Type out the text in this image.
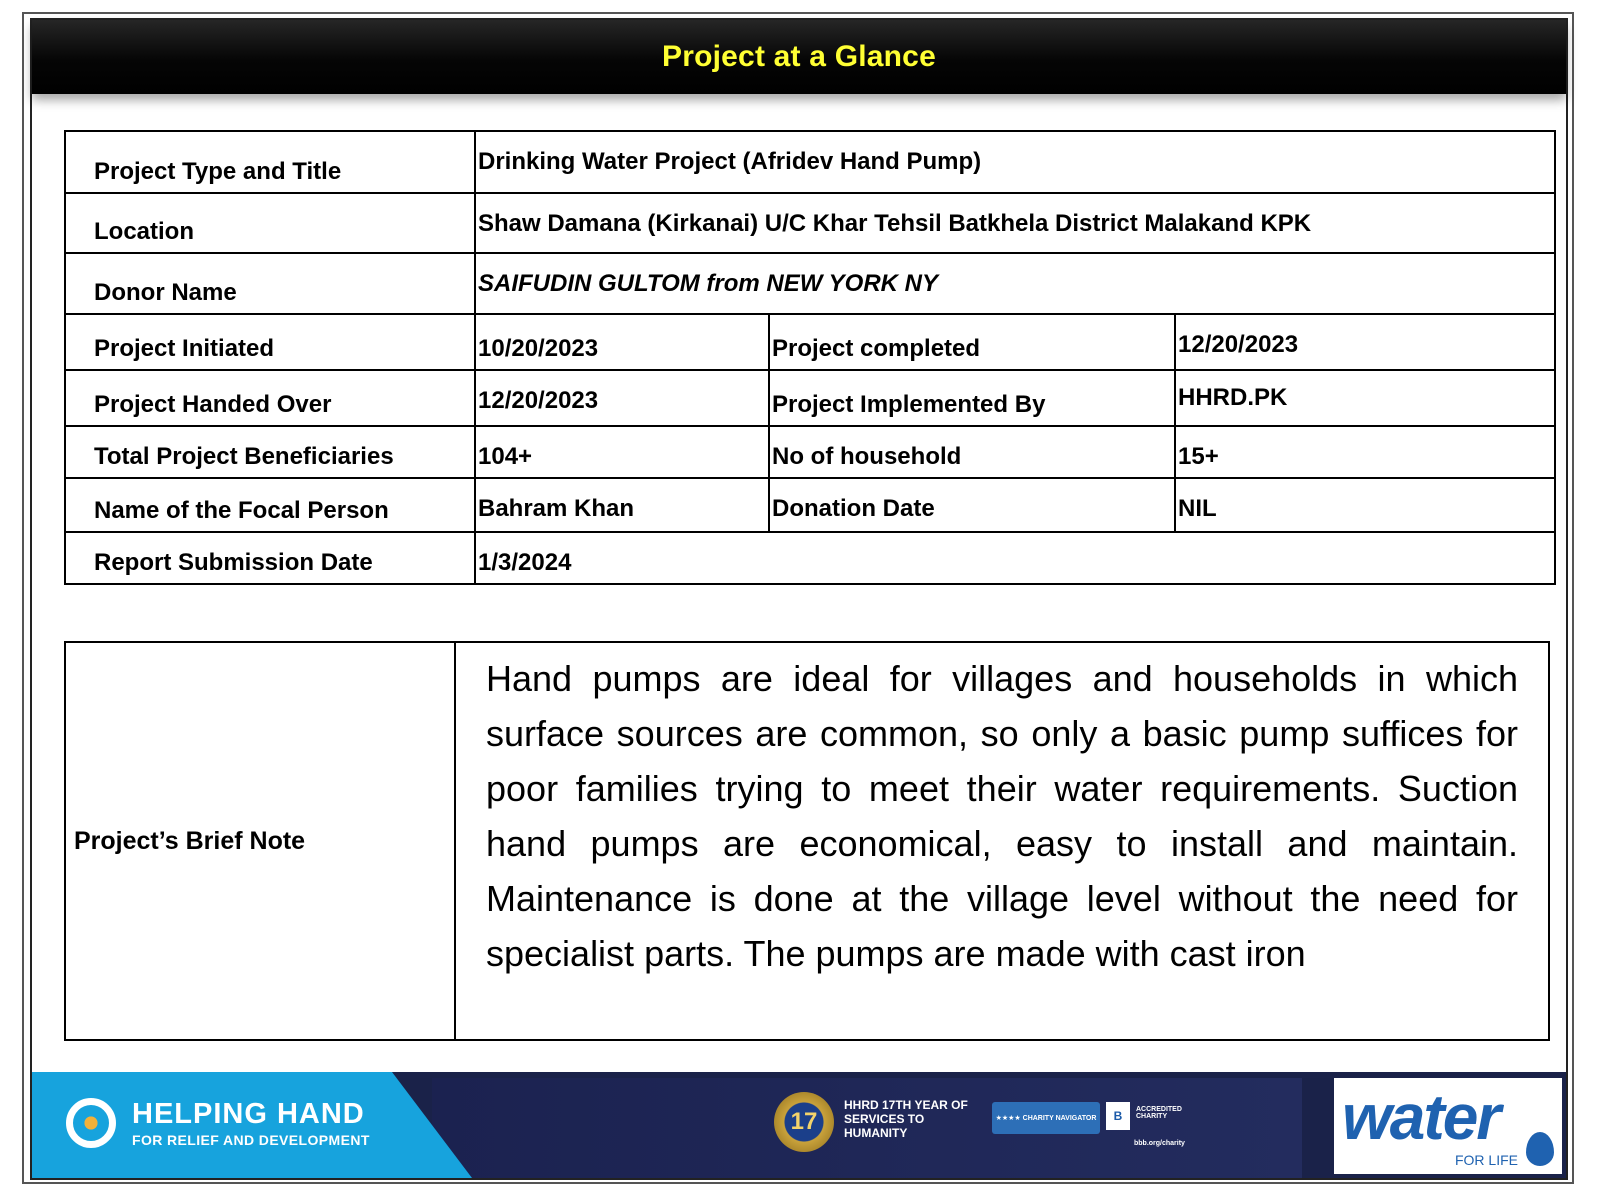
Project at a Glance
Project Type and Title	Drinking Water Project (Afridev Hand Pump)		
Location	Shaw Damana (Kirkanai) U/C Khar Tehsil Batkhela District Malakand KPK		
Donor Name	SAIFUDIN GULTOM from NEW YORK NY		
Project Initiated	10/20/2023	Project completed	12/20/2023
Project Handed Over	12/20/2023	Project Implemented By	HHRD.PK
Total Project Beneficiaries	104+	No of household	15+
Name of the Focal Person	Bahram Khan	Donation Date	NIL
Report Submission Date	1/3/2024		
Project’s Brief Note	Hand pumps are ideal for villages and households in which surface sources are common, so only a basic pump suffices for poor families trying to meet their water requirements. Suction hand pumps are economical, easy to install and maintain. Maintenance is done at the village level without the need for specialist parts. The pumps are made with cast iron
HELPING HAND
FOR RELIEF AND DEVELOPMENT
17
HHRD 17TH YEAR OF SERVICES TO HUMANITY
★★★★ CHARITY NAVIGATOR	B	ACCREDITED CHARITY
bbb.org/charity water
FOR LIFE
